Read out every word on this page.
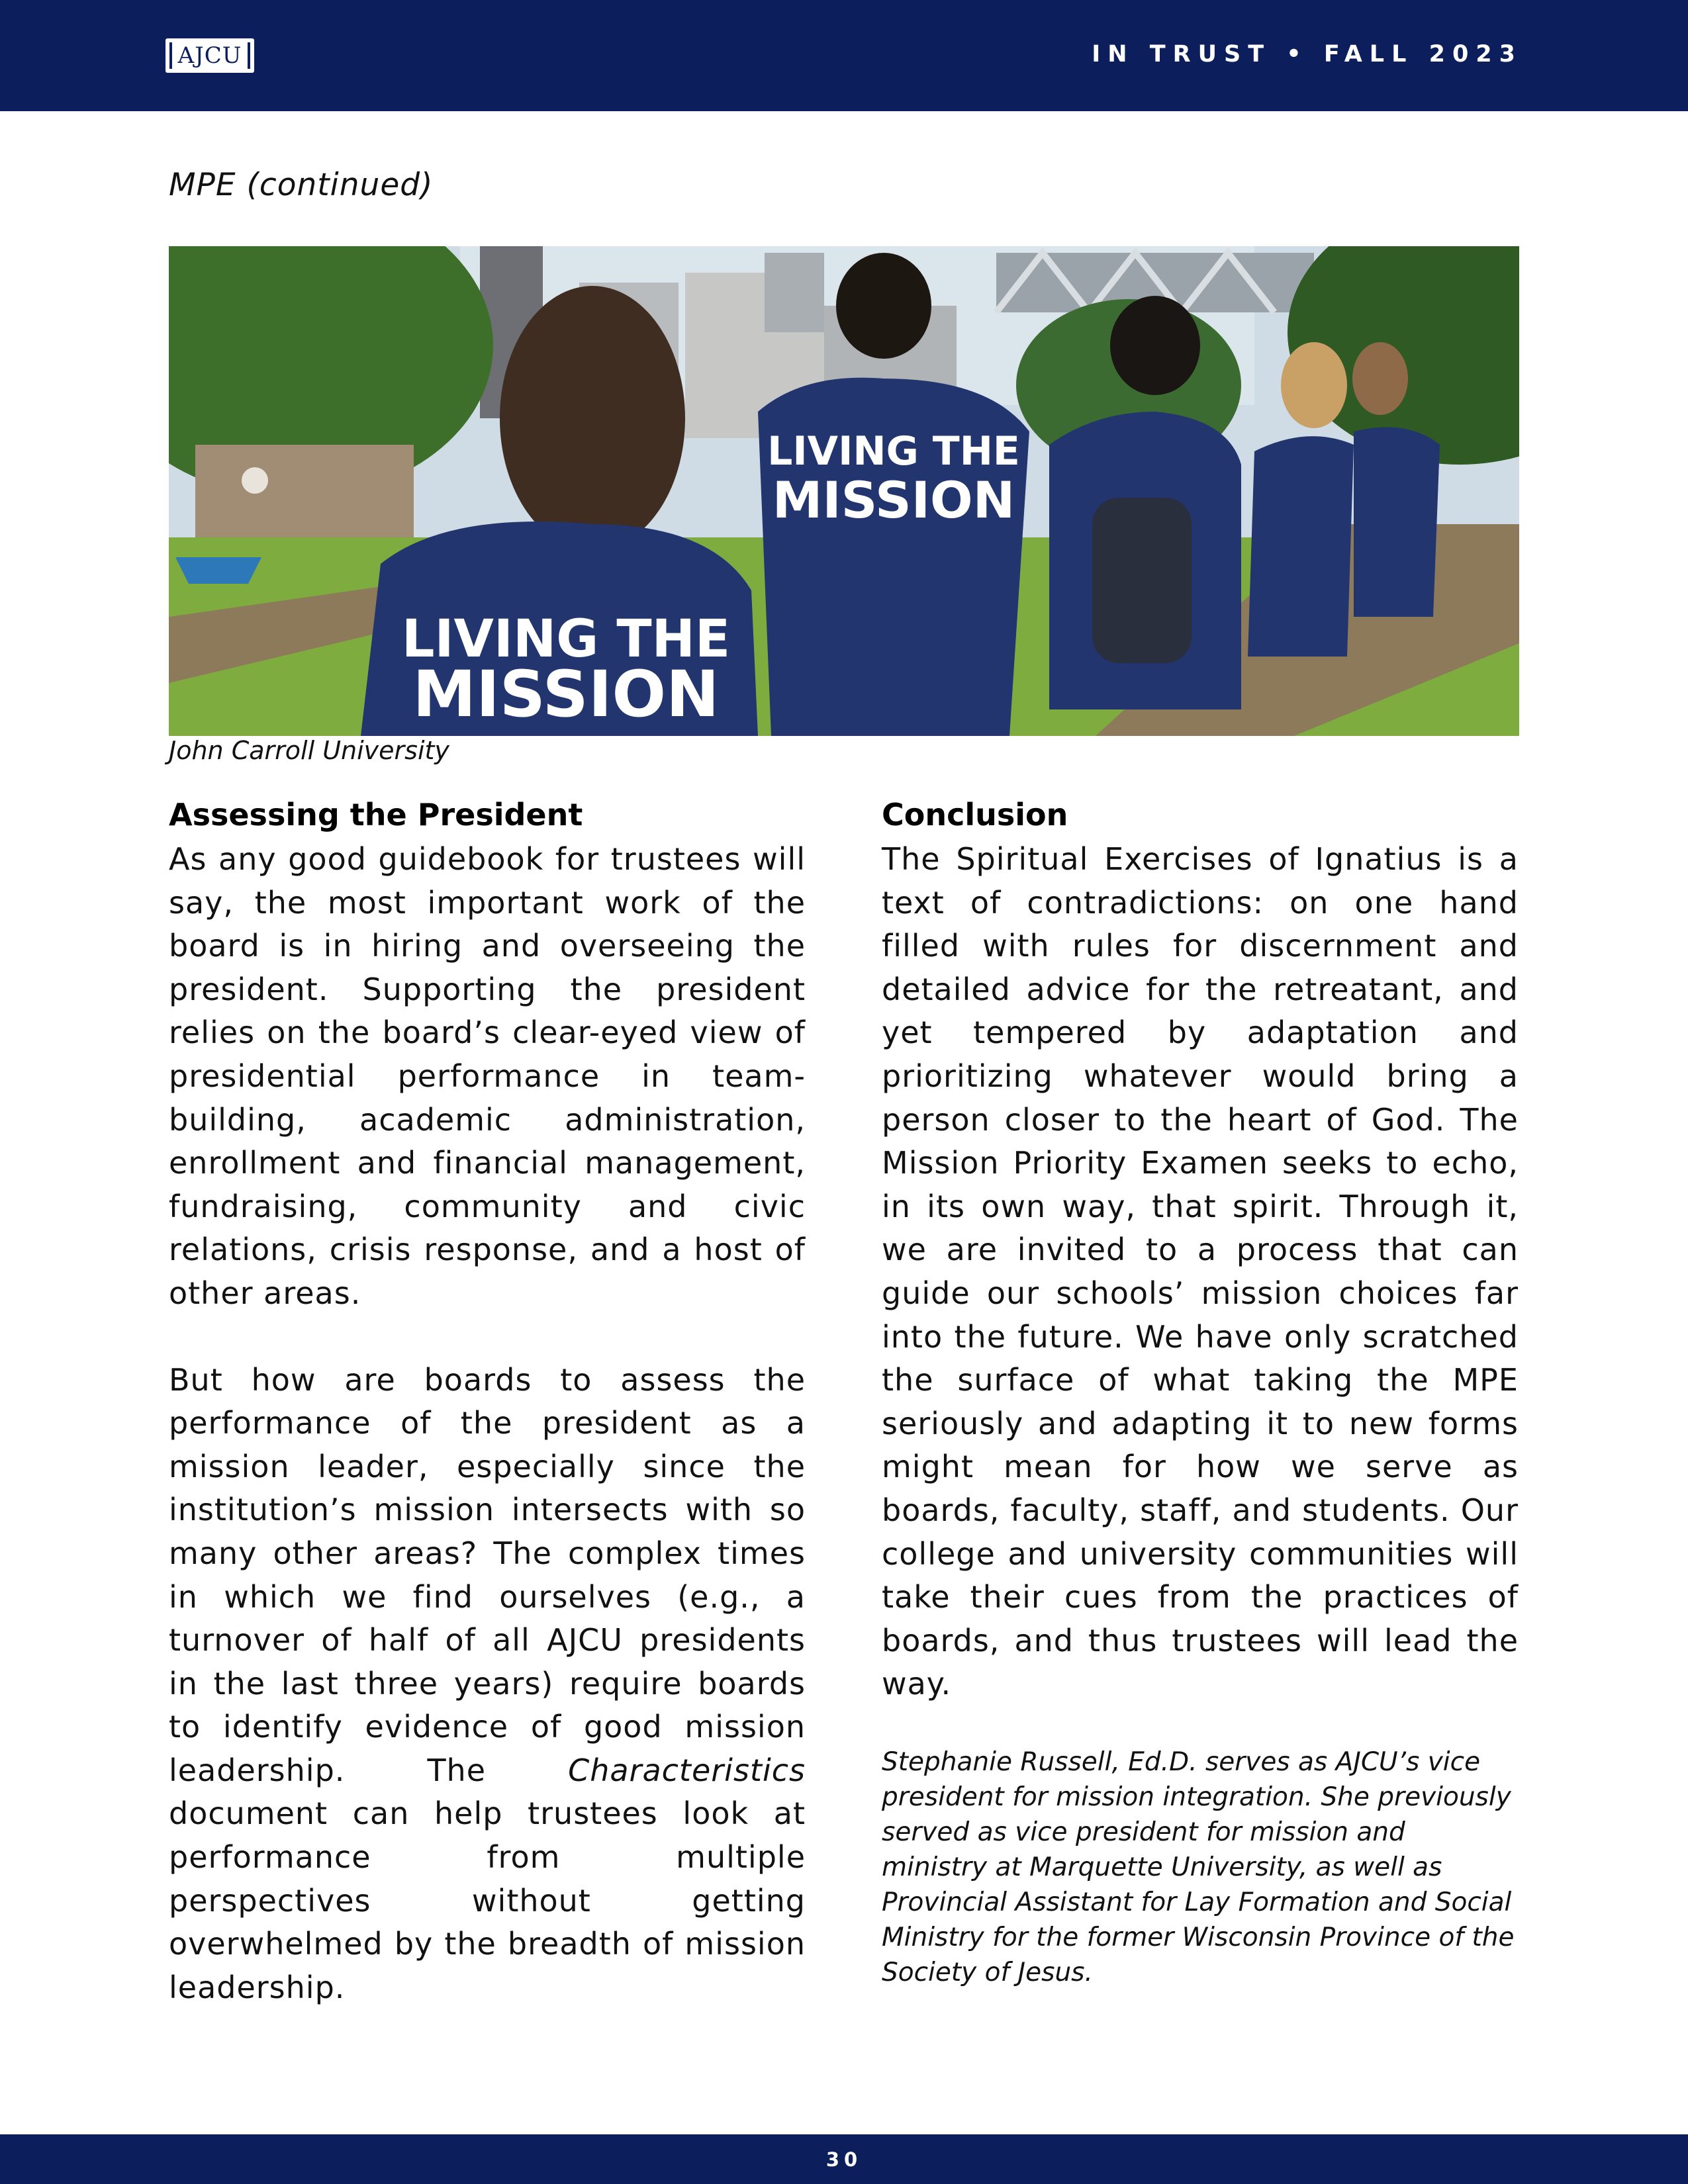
AJCU	IN TRUST • FALL 2023
MPE (continued)
LIVING THE
MISSION
LIVING THE
MISSION
John Carroll University
Assessing the President

As any good guidebook for trustees will say, the most important work of the board is in hiring and overseeing the president. Supporting the president relies on the board’s clear-eyed view of presidential performance in team-building, academic administration, enrollment and financial management, fundraising, community and civic relations, crisis response, and a host of other areas.

But how are boards to assess the performance of the president as a mission leader, especially since the institution’s mission intersects with so many other areas? The complex times in which we find ourselves (e.g., a turnover of half of all AJCU presidents in the last three years) require boards to identify evidence of good mission leadership. The Characteristics document can help trustees look at performance from multiple perspectives without getting overwhelmed by the breadth of mission leadership.

Conclusion

The Spiritual Exercises of Ignatius is a text of contradictions: on one hand filled with rules for discernment and detailed advice for the retreatant, and yet tempered by adaptation and prioritizing whatever would bring a person closer to the heart of God. The Mission Priority Examen seeks to echo, in its own way, that spirit. Through it, we are invited to a process that can guide our schools’ mission choices far into the future. We have only scratched the surface of what taking the MPE seriously and adapting it to new forms might mean for how we serve as boards, faculty, staff, and students. Our college and university communities will take their cues from the practices of boards, and thus trustees will lead the way.

Stephanie Russell, Ed.D. serves as AJCU’s vice president for mission integration. She previously served as vice president for mission and ministry at Marquette University, as well as Provincial Assistant for Lay Formation and Social Ministry for the former Wisconsin Province of the Society of Jesus.

30
